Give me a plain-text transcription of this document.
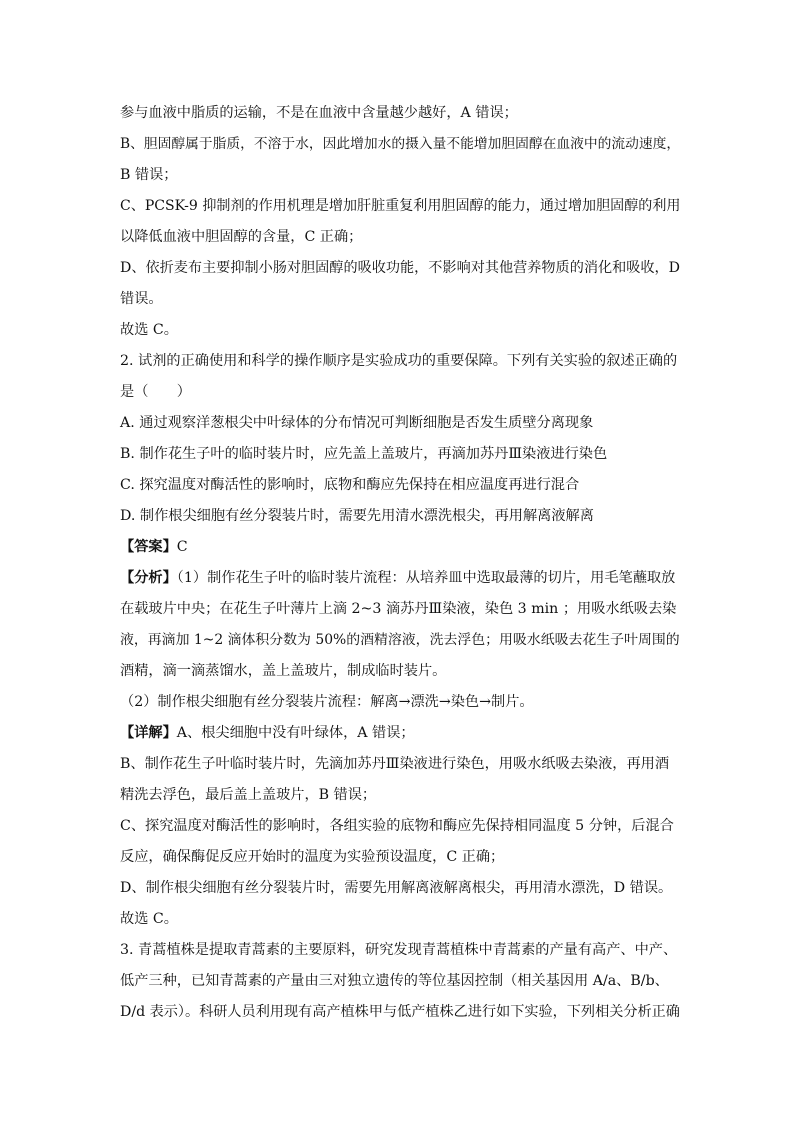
参与血液中脂质的运输，不是在血液中含量越少越好，A 错误；
B、胆固醇属于脂质，不溶于水，因此增加水的摄入量不能增加胆固醇在血液中的流动速度，
B 错误；
C、PCSK-9 抑制剂的作用机理是增加肝脏重复利用胆固醇的能力，通过增加胆固醇的利用
以降低血液中胆固醇的含量，C 正确；
D、依折麦布主要抑制小肠对胆固醇的吸收功能，不影响对其他营养物质的消化和吸收，D
错误。
故选 C。
2. 试剂的正确使用和科学的操作顺序是实验成功的重要保障。下列有关实验的叙述正确的
是（　　）
A. 通过观察洋葱根尖中叶绿体的分布情况可判断细胞是否发生质壁分离现象
B. 制作花生子叶的临时装片时，应先盖上盖玻片，再滴加苏丹Ⅲ染液进行染色
C. 探究温度对酶活性的影响时，底物和酶应先保持在相应温度再进行混合
D. 制作根尖细胞有丝分裂装片时，需要先用清水漂洗根尖，再用解离液解离
【答案】C
【分析】（1）制作花生子叶的临时装片流程：从培养皿中选取最薄的切片，用毛笔蘸取放
在载玻片中央；在花生子叶薄片上滴 2~3 滴苏丹Ⅲ染液，染色 3 min ；用吸水纸吸去染
液，再滴加 1~2 滴体积分数为 50%的酒精溶液，洗去浮色；用吸水纸吸去花生子叶周围的
酒精，滴一滴蒸馏水，盖上盖玻片，制成临时装片。
（2）制作根尖细胞有丝分裂装片流程：解离→漂洗→染色→制片。
【详解】A、根尖细胞中没有叶绿体，A 错误；
B、制作花生子叶临时装片时，先滴加苏丹Ⅲ染液进行染色，用吸水纸吸去染液，再用酒
精洗去浮色，最后盖上盖玻片，B 错误；
C、探究温度对酶活性的影响时，各组实验的底物和酶应先保持相同温度 5 分钟，后混合
反应，确保酶促反应开始时的温度为实验预设温度，C 正确；
D、制作根尖细胞有丝分裂装片时，需要先用解离液解离根尖，再用清水漂洗，D 错误。
故选 C。
3. 青蒿植株是提取青蒿素的主要原料，研究发现青蒿植株中青蒿素的产量有高产、中产、
低产三种，已知青蒿素的产量由三对独立遗传的等位基因控制（相关基因用 A/a、B/b、
D/d 表示）。科研人员利用现有高产植株甲与低产植株乙进行如下实验，下列相关分析正确
